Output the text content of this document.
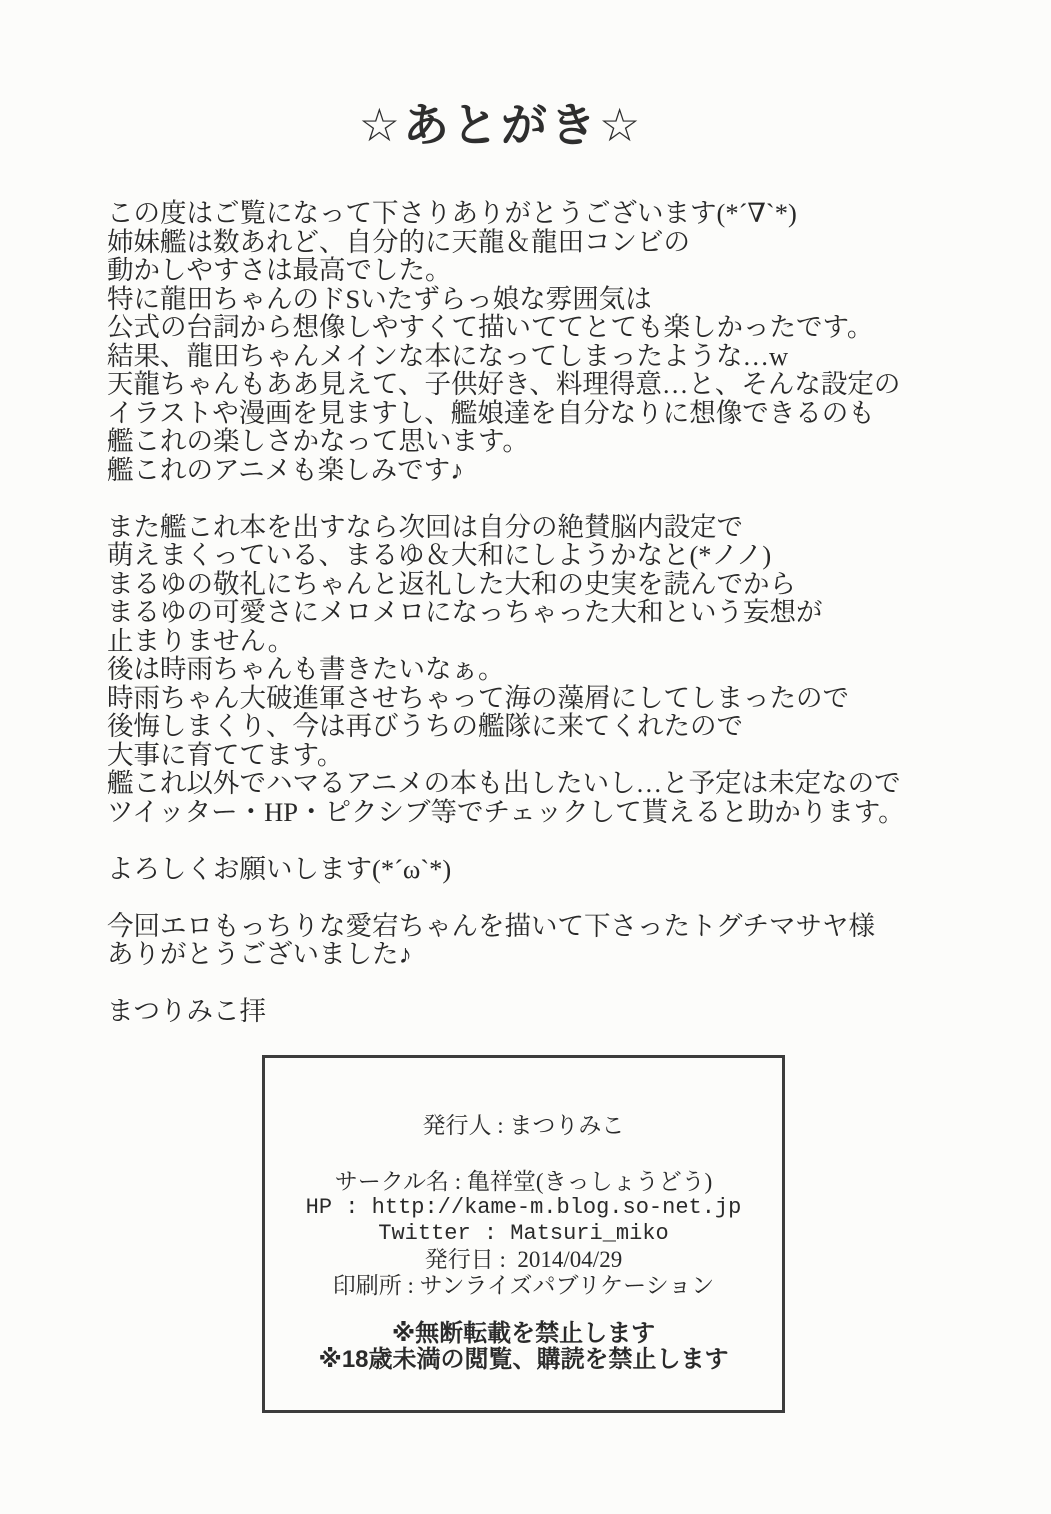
☆あとがき☆
この度はご覧になって下さりありがとうございます(*´∇`*)
姉妹艦は数あれど、自分的に天龍＆龍田コンビの
動かしやすさは最高でした。
特に龍田ちゃんのドSいたずらっ娘な雰囲気は
公式の台詞から想像しやすくて描いててとても楽しかったです。
結果、龍田ちゃんメインな本になってしまったような…w
天龍ちゃんもああ見えて、子供好き、料理得意…と、そんな設定の
イラストや漫画を見ますし、艦娘達を自分なりに想像できるのも
艦これの楽しさかなって思います。
艦これのアニメも楽しみです♪
また艦これ本を出すなら次回は自分の絶賛脳内設定で
萌えまくっている、まるゆ＆大和にしようかなと(*ノノ)
まるゆの敬礼にちゃんと返礼した大和の史実を読んでから
まるゆの可愛さにメロメロになっちゃった大和という妄想が
止まりません。
後は時雨ちゃんも書きたいなぁ。
時雨ちゃん大破進軍させちゃって海の藻屑にしてしまったので
後悔しまくり、今は再びうちの艦隊に来てくれたので
大事に育ててます。
艦これ以外でハマるアニメの本も出したいし…と予定は未定なので
ツイッター・HP・ピクシブ等でチェックして貰えると助かります。
よろしくお願いします(*´ω`*)
今回エロもっちりな愛宕ちゃんを描いて下さったトグチマサヤ様
ありがとうございました♪
まつりみこ拝
発行人 : まつりみこ
サークル名 : 亀祥堂(きっしょうどう)
HP : http://kame-m.blog.so-net.jp
Twitter : Matsuri_miko
発行日 :  2014/04/29
印刷所 : サンライズパブリケーション
※無断転載を禁止します
※18歳未満の閲覧、購読を禁止します
